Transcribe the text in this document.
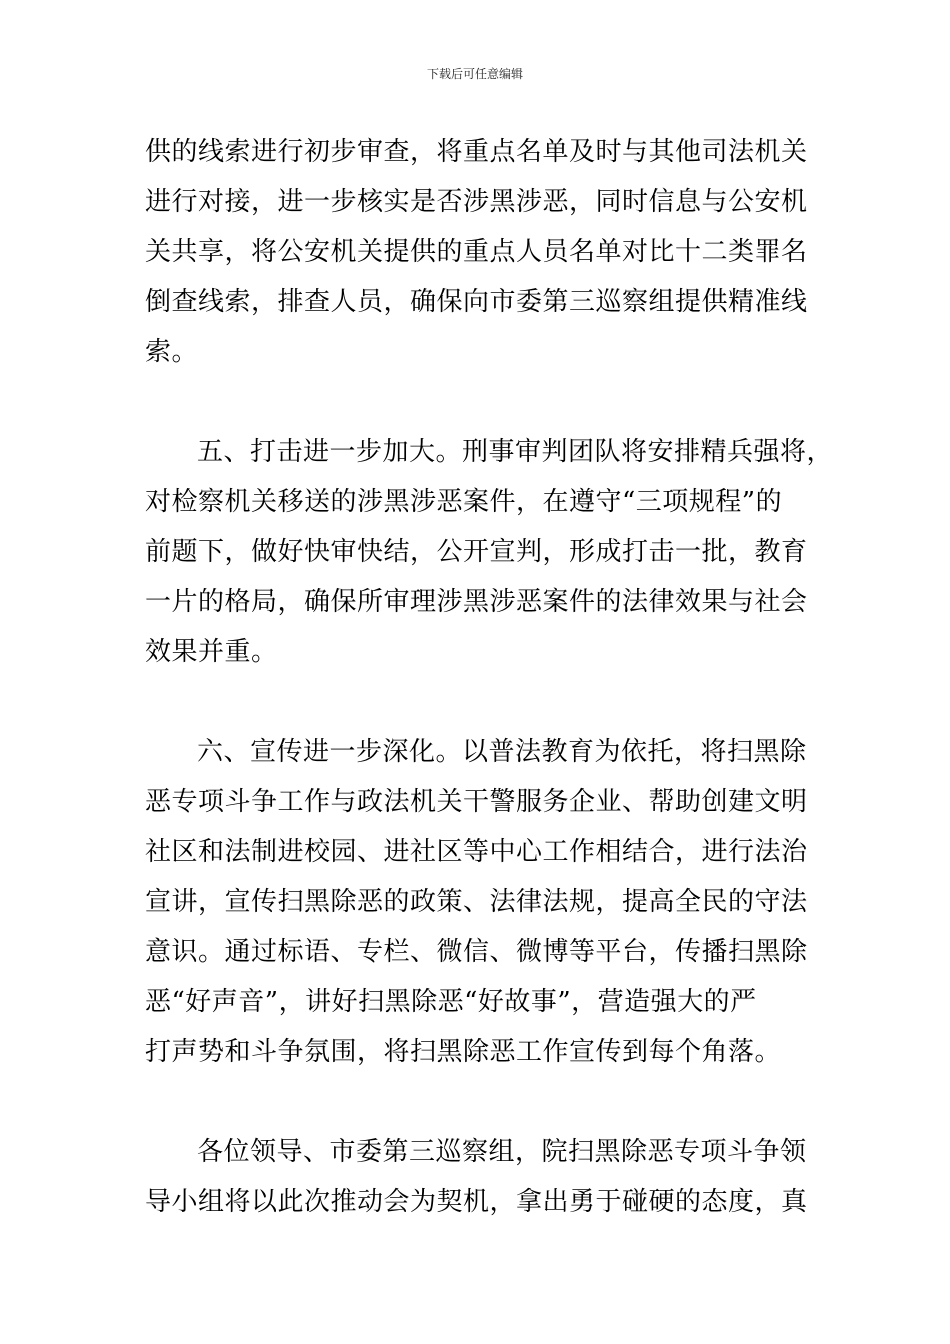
下载后可任意编辑
供的线索进行初步审查，将重点名单及时与其他司法机关
进行对接，进一步核实是否涉黑涉恶，同时信息与公安机
关共享，将公安机关提供的重点人员名单对比十二类罪名
倒查线索，排查人员，确保向市委第三巡察组提供精准线
索。
五、打击进一步加大。刑事审判团队将安排精兵强将，
对检察机关移送的涉黑涉恶案件，在遵守“三项规程”的
前题下，做好快审快结，公开宣判，形成打击一批，教育
一片的格局，确保所审理涉黑涉恶案件的法律效果与社会
效果并重。
六、宣传进一步深化。以普法教育为依托，将扫黑除
恶专项斗争工作与政法机关干警服务企业、帮助创建文明
社区和法制进校园、进社区等中心工作相结合，进行法治
宣讲，宣传扫黑除恶的政策、法律法规，提高全民的守法
意识。通过标语、专栏、微信、微博等平台，传播扫黑除
恶“好声音”，讲好扫黑除恶“好故事”，营造强大的严
打声势和斗争氛围，将扫黑除恶工作宣传到每个角落。
各位领导、市委第三巡察组，院扫黑除恶专项斗争领
导小组将以此次推动会为契机，拿出勇于碰硬的态度，真
